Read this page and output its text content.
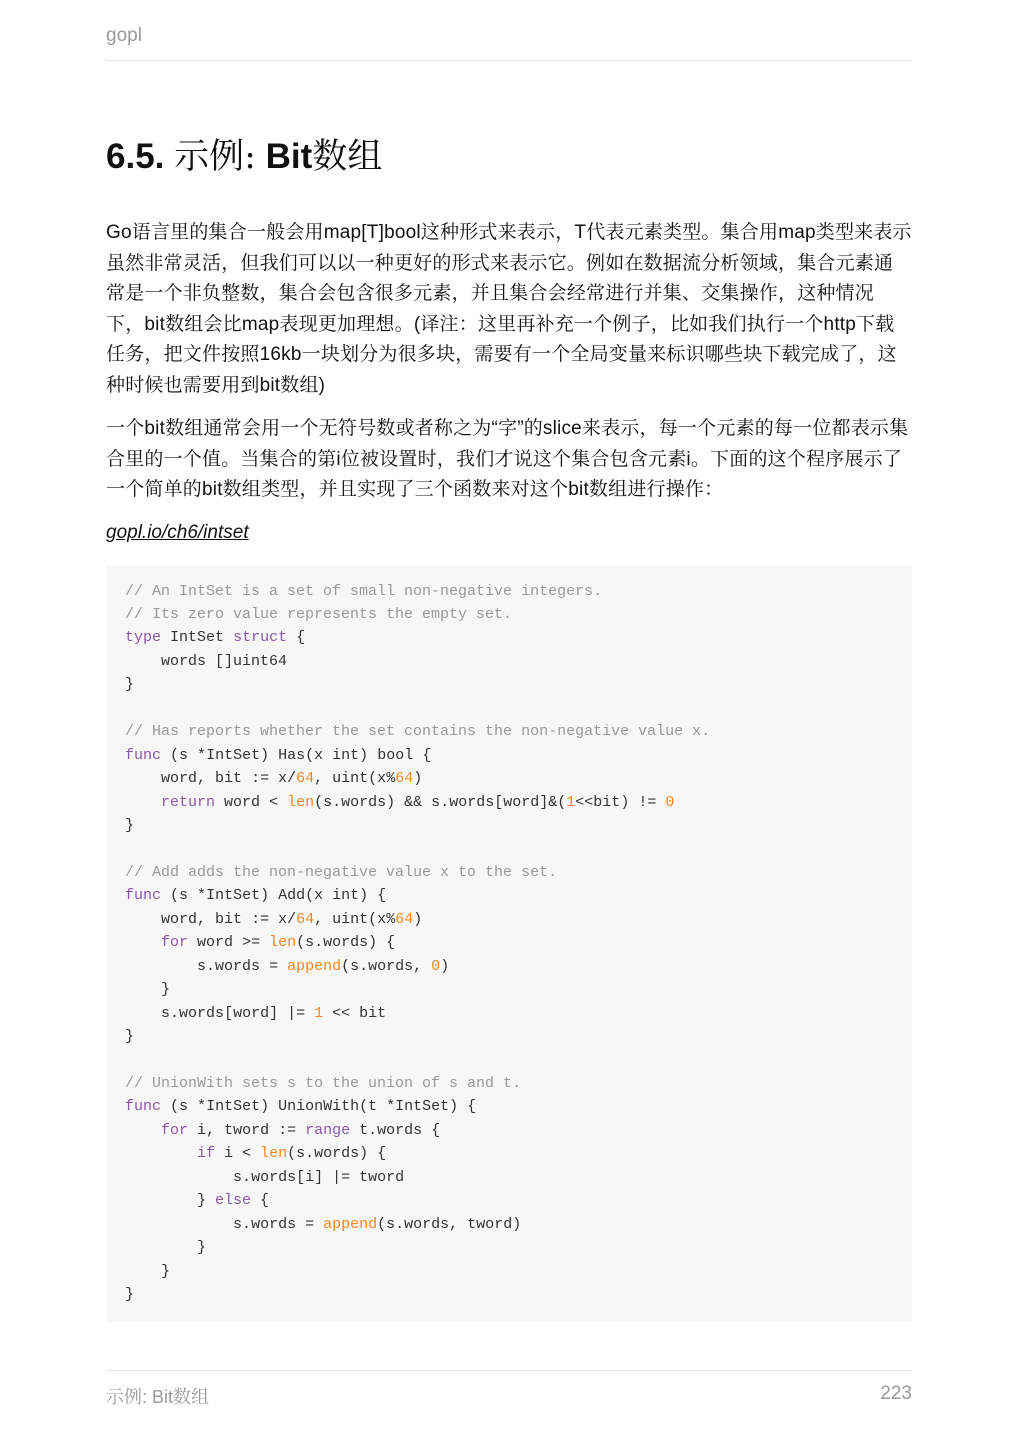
gopl
6.5. 示例: Bit数组

Go语言里的集合一般会用map[T]bool这种形式来表示，T代表元素类型。集合用map类型来表示虽然非常灵活，但我们可以以一种更好的形式来表示它。例如在数据流分析领域，集合元素通常是一个非负整数，集合会包含很多元素，并且集合会经常进行并集、交集操作，这种情况下，bit数组会比map表现更加理想。(译注：这里再补充一个例子，比如我们执行一个http下载任务，把文件按照16kb一块划分为很多块，需要有一个全局变量来标识哪些块下载完成了，这种时候也需要用到bit数组)

一个bit数组通常会用一个无符号数或者称之为“字”的slice来表示，每一个元素的每一位都表示集合里的一个值。当集合的第i位被设置时，我们才说这个集合包含元素i。下面的这个程序展示了一个简单的bit数组类型，并且实现了三个函数来对这个bit数组进行操作：

gopl.io/ch6/intset
// An IntSet is a set of small non-negative integers.
// Its zero value represents the empty set.
type IntSet struct {
words []uint64
}

// Has reports whether the set contains the non-negative value x.
func (s *IntSet) Has(x int) bool {
word, bit := x/64, uint(x%64)
return word < len(s.words) && s.words[word]&(1<<bit) != 0
}

// Add adds the non-negative value x to the set.
func (s *IntSet) Add(x int) {
word, bit := x/64, uint(x%64)
for word >= len(s.words) {
s.words = append(s.words, 0)
}
s.words[word] |= 1 << bit
}

// UnionWith sets s to the union of s and t.
func (s *IntSet) UnionWith(t *IntSet) {
for i, tword := range t.words {
if i < len(s.words) {
s.words[i] |= tword
} else {
s.words = append(s.words, tword)
}
}
}
示例: Bit数组	223
